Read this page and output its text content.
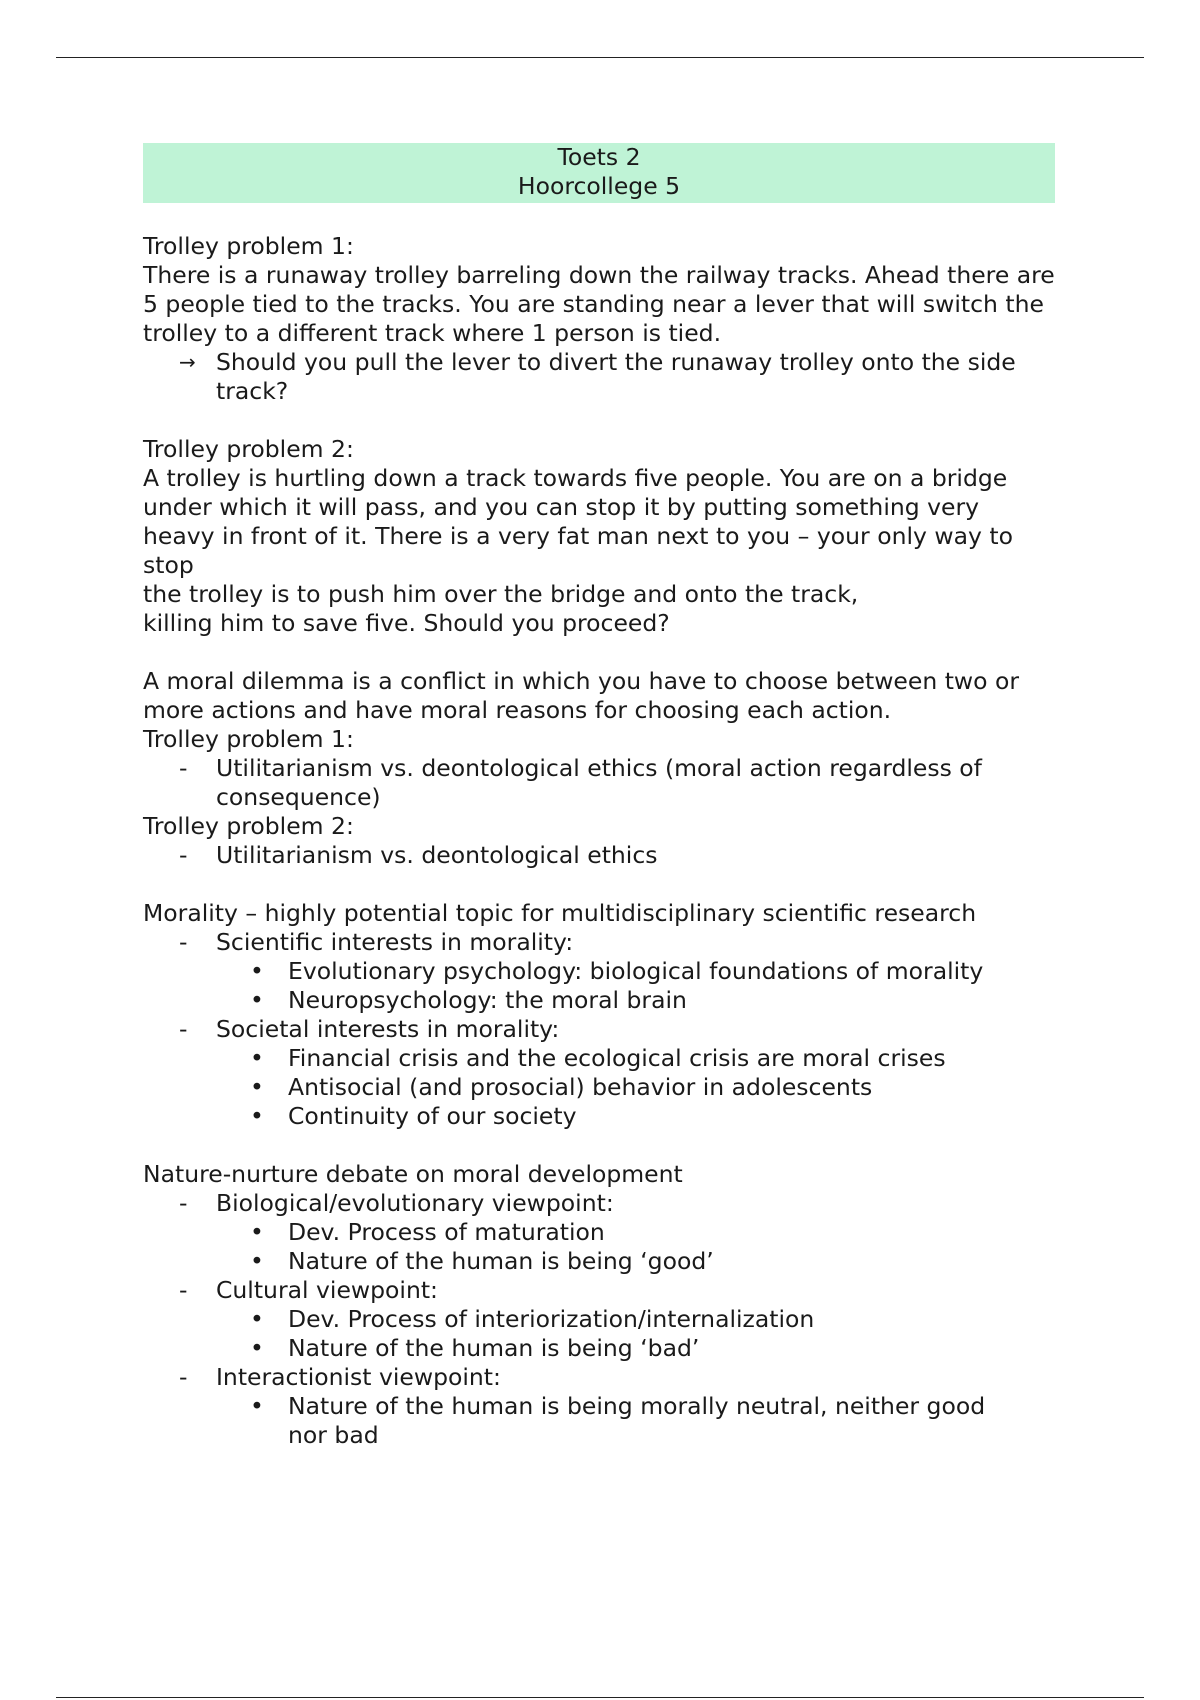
Toets 2
Hoorcollege 5

Trolley problem 1:

There is a runaway trolley barreling down the railway tracks. Ahead there are 5 people tied to the tracks. You are standing near a lever that will switch the trolley to a different track where 1 person is tied.

→ Should you pull the lever to divert the runaway trolley onto the side
track?

Trolley problem 2:

A trolley is hurtling down a track towards five people. You are on a bridge under which it will pass, and you can stop it by putting something very heavy in front of it. There is a very fat man next to you – your only way to stop

the trolley is to push him over the bridge and onto the track,

killing him to save five. Should you proceed?

A moral dilemma is a conflict in which you have to choose between two or more actions and have moral reasons for choosing each action.

Trolley problem 1:

- Utilitarianism vs. deontological ethics (moral action regardless of
consequence)

Trolley problem 2:

- Utilitarianism vs. deontological ethics

Morality – highly potential topic for multidisciplinary scientific research

- Scientific interests in morality:
• Evolutionary psychology: biological foundations of morality
• Neuropsychology: the moral brain
- Societal interests in morality:
• Financial crisis and the ecological crisis are moral crises
• Antisocial (and prosocial) behavior in adolescents
• Continuity of our society

Nature-nurture debate on moral development

- Biological/evolutionary viewpoint:
• Dev. Process of maturation
• Nature of the human is being ‘good’
- Cultural viewpoint:
• Dev. Process of interiorization/internalization
• Nature of the human is being ‘bad’
- Interactionist viewpoint:
• Nature of the human is being morally neutral, neither good
nor bad
